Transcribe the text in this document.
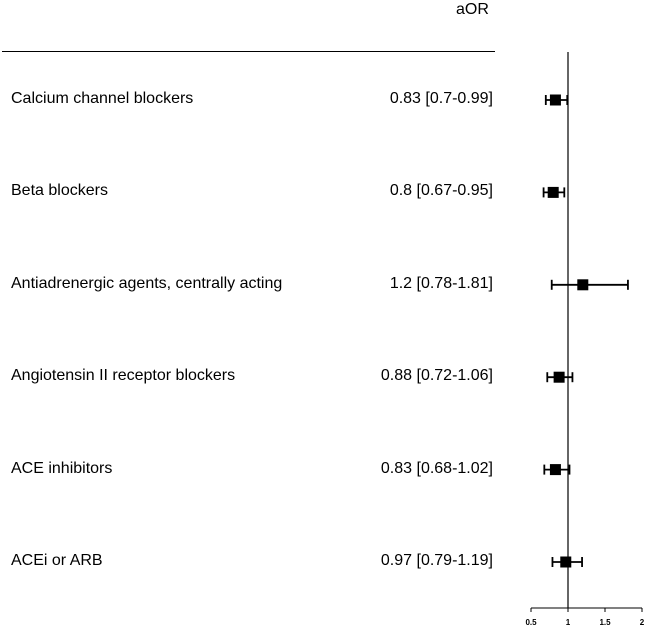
aOR
Calcium channel blockers	0.83 [0.7-0.99]
Beta blockers	0.8 [0.67-0.95]
Antiadrenergic agents, centrally acting	1.2 [0.78-1.81]
Angiotensin II receptor blockers	0.88 [0.72-1.06]
ACE inhibitors	0.83 [0.68-1.02]
ACEi or ARB	0.97 [0.79-1.19]
0.5	1	1.5	2
